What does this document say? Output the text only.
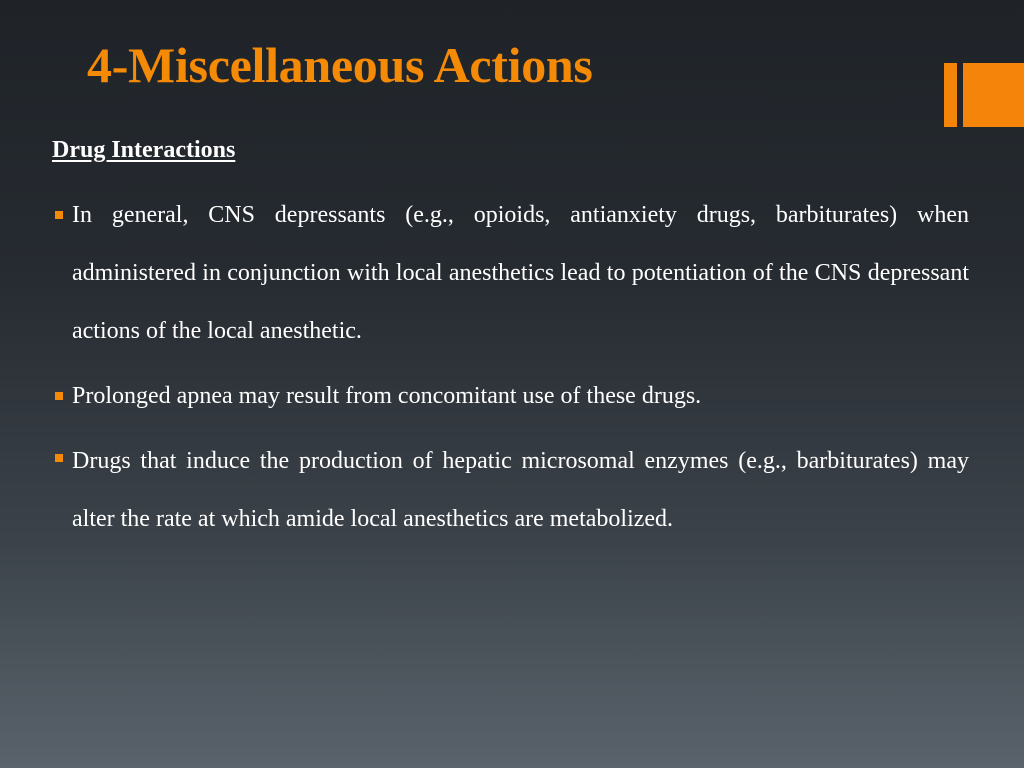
4-Miscellaneous Actions
Drug Interactions
In general, CNS depressants (e.g., opioids, antianxiety drugs, barbiturates) when administered in conjunction with local anesthetics lead to potentiation of the CNS depressant actions of the local anesthetic.
Prolonged apnea may result from concomitant use of these drugs.
Drugs that induce the production of hepatic microsomal enzymes (e.g., barbiturates) may alter the rate at which amide local anesthetics are metabolized.
